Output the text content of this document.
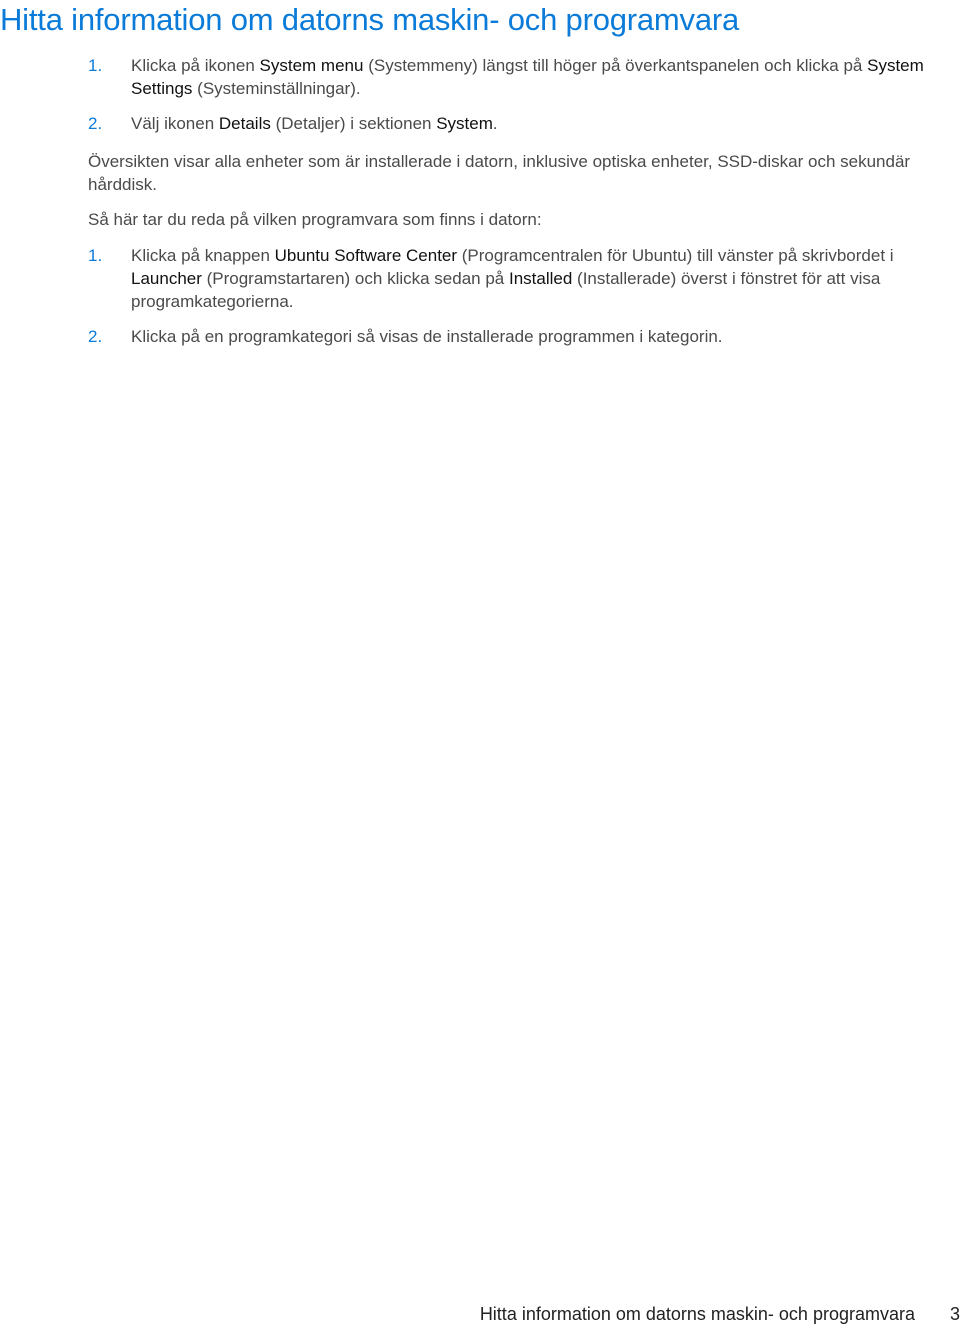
Hitta information om datorns maskin- och programvara
1. Klicka på ikonen System menu (Systemmeny) längst till höger på överkantspanelen och klicka på System Settings (Systeminställningar).
2. Välj ikonen Details (Detaljer) i sektionen System.

Översikten visar alla enheter som är installerade i datorn, inklusive optiska enheter, SSD-diskar och sekundär hårddisk.

Så här tar du reda på vilken programvara som finns i datorn:

1. Klicka på knappen Ubuntu Software Center (Programcentralen för Ubuntu) till vänster på skrivbordet i Launcher (Programstartaren) och klicka sedan på Installed (Installerade) överst i fönstret för att visa programkategorierna.
2. Klicka på en programkategori så visas de installerade programmen i kategorin.
Hitta information om datorns maskin- och programvara 3
